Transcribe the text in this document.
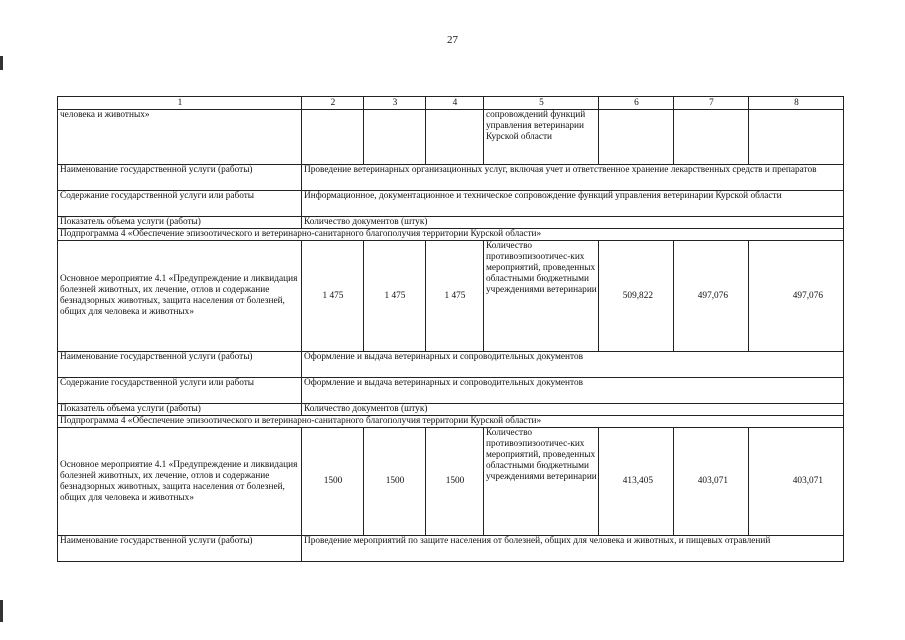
27
1	2	3	4	5	6	7	8
человека и животных»				сопровождений функций управления ветеринарии Курской области			
Наименование государственной услуги (работы)	Проведение ветеринарных организационных услуг, включая учет и ответственное хранение лекарственных средств и препаратов						
Содержание государственной услуги или работы	Информационное, документационное и техническое сопровождение функций управления ветеринарии Курской области						
Показатель объема услуги (работы)	Количество документов (штук)						
Подпрограмма 4 «Обеспечение эпизоотического и ветеринарно-санитарного благополучия территории Курской области»							
Основное мероприятие 4.1 «Предупреждение и ликвидация болезней животных, их лечение, отлов и содержание безнадзорных животных, защита населения от болезней, общих для человека и животных»	1 475	1 475	1 475	Количество противоэпизоотичес-ких мероприятий, проведенных областными бюджетными учреждениями ветеринарии	509,822	497,076	497,076
Наименование государственной услуги (работы)	Оформление и выдача ветеринарных и сопроводительных документов						
Содержание государственной услуги или работы	Оформление и выдача ветеринарных и сопроводительных документов						
Показатель объема услуги (работы)	Количество документов (штук)						
Подпрограмма 4 «Обеспечение эпизоотического и ветеринарно-санитарного благополучия территории Курской области»							
Основное мероприятие 4.1 «Предупреждение и ликвидация болезней животных, их лечение, отлов и содержание безнадзорных животных, защита населения от болезней, общих для человека и животных»	1500	1500	1500	Количество противоэпизоотичес-ких мероприятий, проведенных областными бюджетными учреждениями ветеринарии	413,405	403,071	403,071
Наименование государственной услуги (работы)	Проведение мероприятий по защите населения от болезней, общих для человека и животных, и пищевых отравлений						
